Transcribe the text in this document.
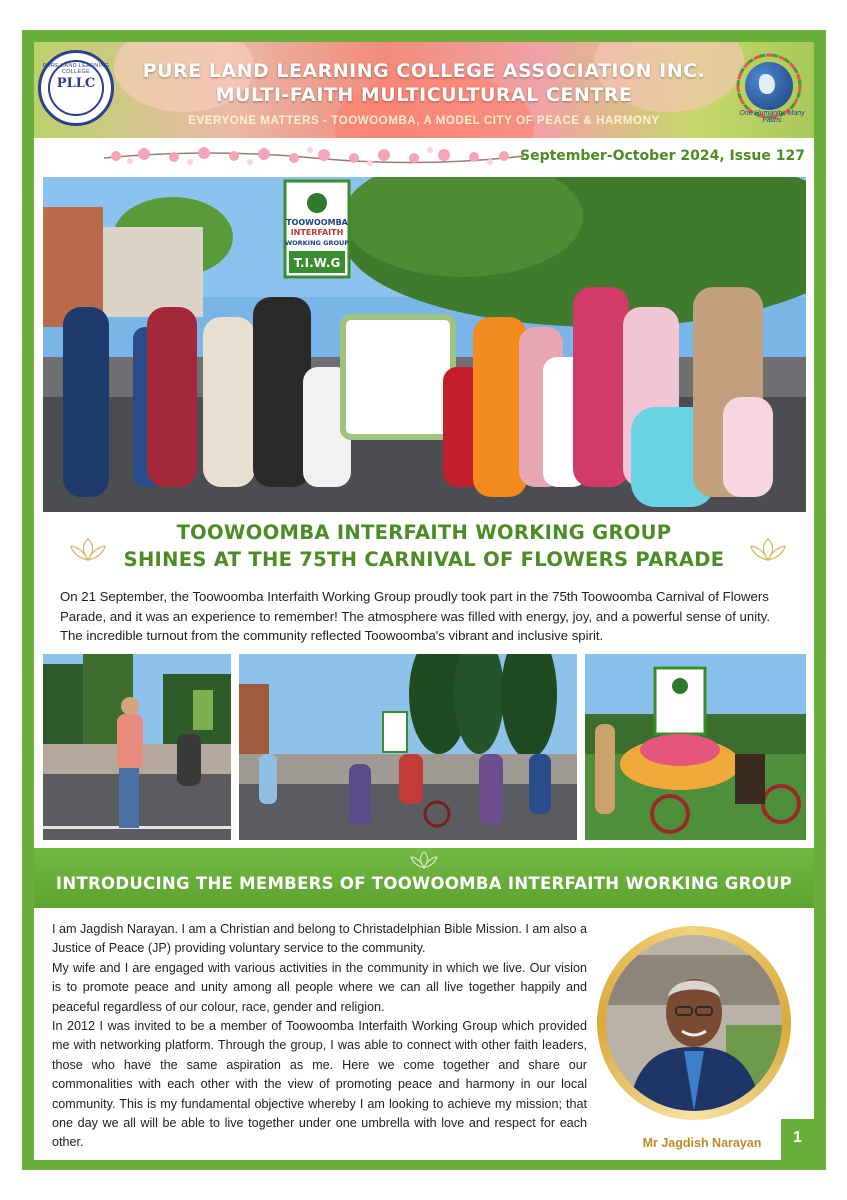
PURE LAND LEARNING COLLEGE ASSOCIATION INC.
MULTI-FAITH MULTICULTURAL CENTRE
EVERYONE MATTERS - TOOWOOMBA, A MODEL CITY OF PEACE & HARMONY
PURE LAND LEARNING COLLEGE
PLLC
One Humanity, Many Faiths
September-October 2024, Issue 127
TOOWOOMBA
INTERFAITH
WORKING GROUP
T.I.W.G
TOOWOOMBA INTERFAITH WORKING GROUP
SHINES AT THE 75TH CARNIVAL OF FLOWERS PARADE

On 21 September, the Toowoomba Interfaith Working Group proudly took part in the 75th Toowoomba Carnival of Flowers Parade, and it was an experience to remember! The atmosphere was filled with energy, joy, and a powerful sense of unity. The incredible turnout from the community reflected Toowoomba's vibrant and inclusive spirit.

INTRODUCING THE MEMBERS OF TOOWOOMBA INTERFAITH WORKING GROUP

I am Jagdish Narayan. I am a Christian and belong to Christadelphian Bible Mission. I am also a Justice of Peace (JP) providing voluntary service to the community.

My wife and I are engaged with various activities in the community in which we live. Our vision is to promote peace and unity among all people where we can all live together happily and peaceful regardless of our colour, race, gender and religion.

In 2012 I was invited to be a member of Toowoomba Interfaith Working Group which provided me with networking platform. Through the group, I was able to connect with other faith leaders, those who have the same aspiration as me. Here we come together and share our commonalities with each other with the view of promoting peace and harmony in our local community. This is my fundamental objective whereby I am looking to achieve my mission; that one day we all will be able to live together under one umbrella with love and respect for each other.	Mr Jagdish Narayan	1
